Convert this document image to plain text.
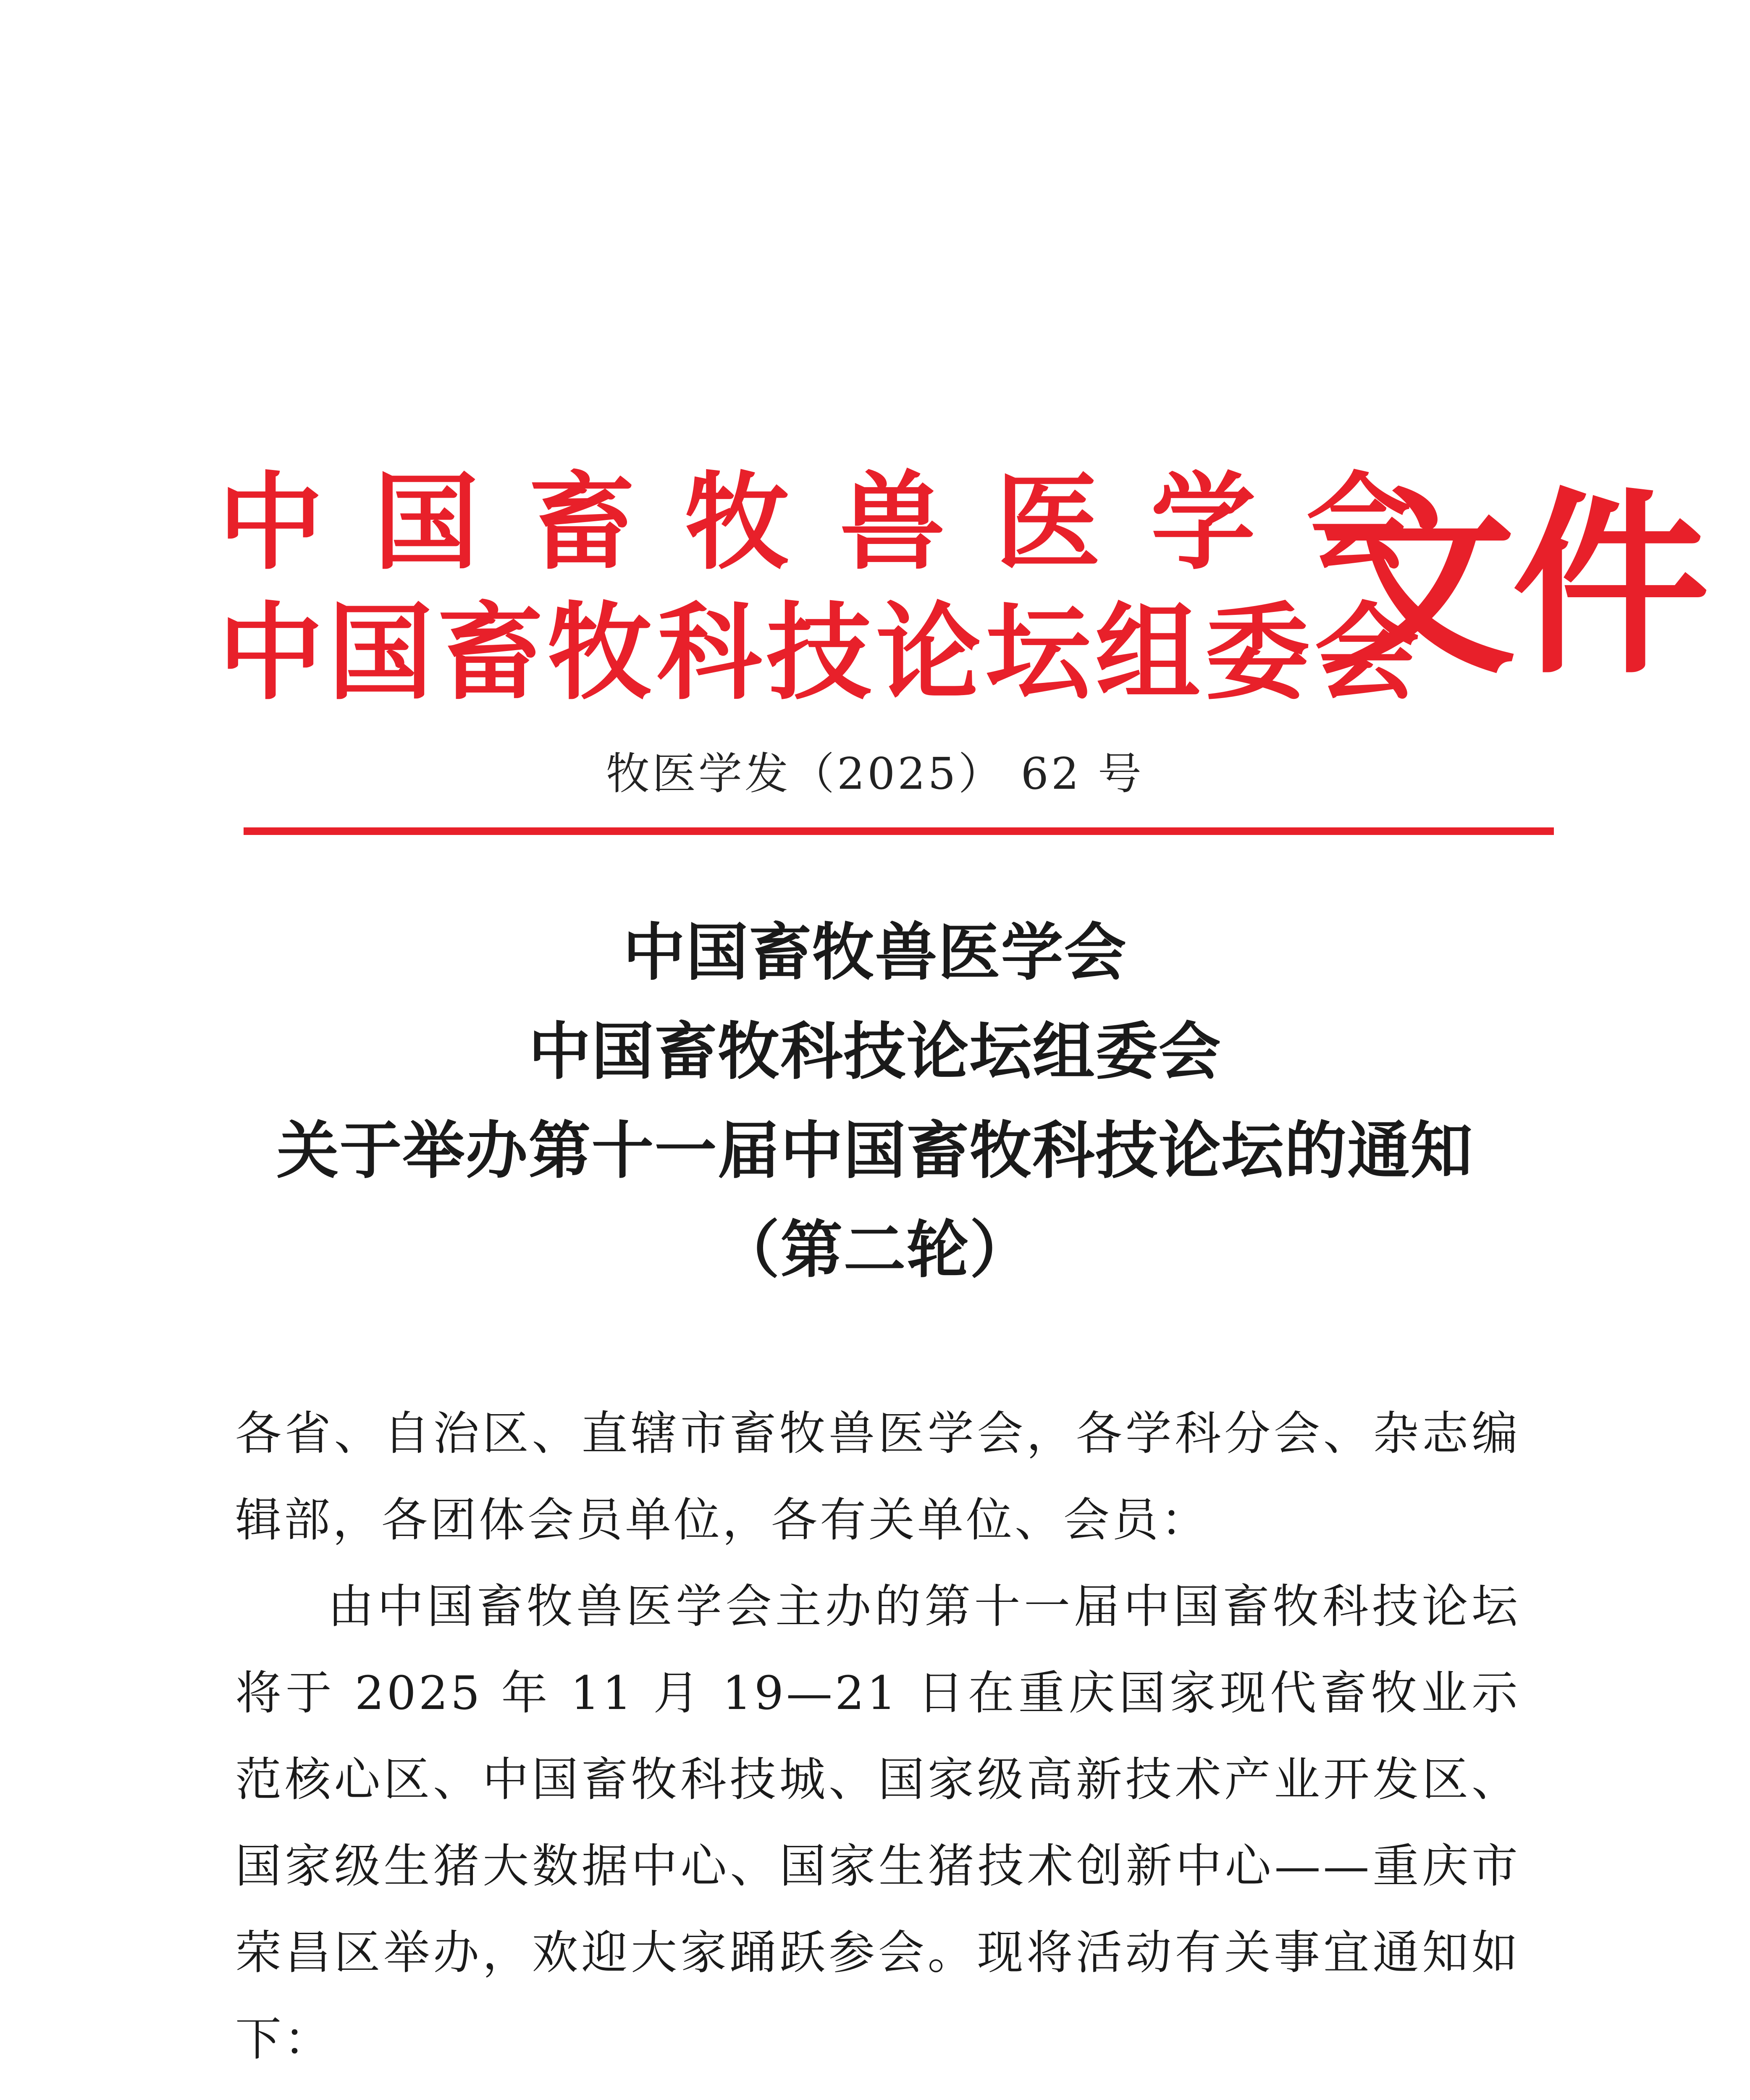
中国畜牧兽医学会
中国畜牧科技论坛组委会
文件
牧医学发（2025） 62 号
中国畜牧兽医学会
中国畜牧科技论坛组委会
关于举办第十一届中国畜牧科技论坛的通知
（第二轮）

各省、自治区、直辖市畜牧兽医学会，各学科分会、杂志编辑部，各团体会员单位，各有关单位、会员：

由中国畜牧兽医学会主办的第十一届中国畜牧科技论坛将于 2025 年 11 月 19—21 日在重庆国家现代畜牧业示范核心区、中国畜牧科技城、国家级高新技术产业开发区、国家级生猪大数据中心、国家生猪技术创新中心——重庆市荣昌区举办，欢迎大家踊跃参会。现将活动有关事宜通知如下：
